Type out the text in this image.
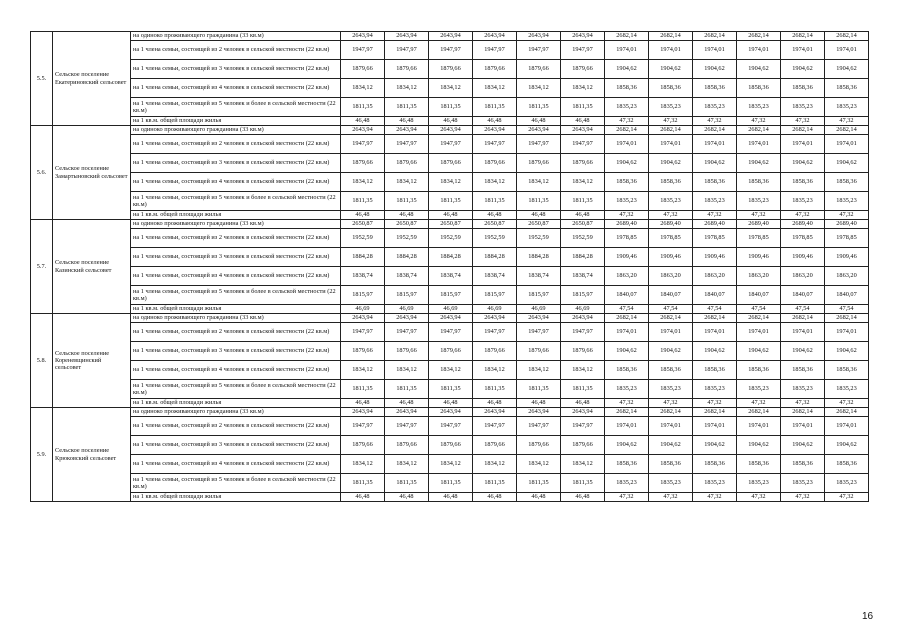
5.5.	Сельское поселение Екатериновский сельсовет	на одиноко проживающего гражданина (33 кв.м)	2643,94	2643,94	2643,94	2643,94	2643,94	2643,94	2682,14	2682,14	2682,14	2682,14	2682,14	2682,14
		на 1 члена семьи, состоящей из 2 человек в сельской местности (22 кв.м)	1947,97	1947,97	1947,97	1947,97	1947,97	1947,97	1974,01	1974,01	1974,01	1974,01	1974,01	1974,01
		на 1 члена семьи, состоящей из 3 человек в сельской местности (22 кв.м)	1879,66	1879,66	1879,66	1879,66	1879,66	1879,66	1904,62	1904,62	1904,62	1904,62	1904,62	1904,62
		на 1 члена семьи, состоящей из 4 человек в сельской местности (22 кв.м)	1834,12	1834,12	1834,12	1834,12	1834,12	1834,12	1858,36	1858,36	1858,36	1858,36	1858,36	1858,36
		на 1 члена семьи, состоящей из 5 человек и более в сельской местности (22 кв.м)	1811,35	1811,35	1811,35	1811,35	1811,35	1811,35	1835,23	1835,23	1835,23	1835,23	1835,23	1835,23
		на 1 кв.м. общей площади жилья	46,48	46,48	46,48	46,48	46,48	46,48	47,32	47,32	47,32	47,32	47,32	47,32
5.6.	Сельское поселение Замартыновский сельсовет	на одиноко проживающего гражданина (33 кв.м)	2643,94	2643,94	2643,94	2643,94	2643,94	2643,94	2682,14	2682,14	2682,14	2682,14	2682,14	2682,14
		на 1 члена семьи, состоящей из 2 человек в сельской местности (22 кв.м)	1947,97	1947,97	1947,97	1947,97	1947,97	1947,97	1974,01	1974,01	1974,01	1974,01	1974,01	1974,01
		на 1 члена семьи, состоящей из 3 человек в сельской местности (22 кв.м)	1879,66	1879,66	1879,66	1879,66	1879,66	1879,66	1904,62	1904,62	1904,62	1904,62	1904,62	1904,62
		на 1 члена семьи, состоящей из 4 человек в сельской местности (22 кв.м)	1834,12	1834,12	1834,12	1834,12	1834,12	1834,12	1858,36	1858,36	1858,36	1858,36	1858,36	1858,36
		на 1 члена семьи, состоящей из 5 человек и более в сельской местности (22 кв.м)	1811,35	1811,35	1811,35	1811,35	1811,35	1811,35	1835,23	1835,23	1835,23	1835,23	1835,23	1835,23
		на 1 кв.м. общей площади жилья	46,48	46,48	46,48	46,48	46,48	46,48	47,32	47,32	47,32	47,32	47,32	47,32
5.7.	Сельское поселение Казинский сельсовет	на одиноко проживающего гражданина (33 кв.м)	2650,87	2650,87	2650,87	2650,87	2650,87	2650,87	2689,40	2689,40	2689,40	2689,40	2689,40	2689,40
		на 1 члена семьи, состоящей из 2 человек в сельской местности (22 кв.м)	1952,59	1952,59	1952,59	1952,59	1952,59	1952,59	1978,85	1978,85	1978,85	1978,85	1978,85	1978,85
		на 1 члена семьи, состоящей из 3 человек в сельской местности (22 кв.м)	1884,28	1884,28	1884,28	1884,28	1884,28	1884,28	1909,46	1909,46	1909,46	1909,46	1909,46	1909,46
		на 1 члена семьи, состоящей из 4 человек в сельской местности (22 кв.м)	1838,74	1838,74	1838,74	1838,74	1838,74	1838,74	1863,20	1863,20	1863,20	1863,20	1863,20	1863,20
		на 1 члена семьи, состоящей из 5 человек и более в сельской местности (22 кв.м)	1815,97	1815,97	1815,97	1815,97	1815,97	1815,97	1840,07	1840,07	1840,07	1840,07	1840,07	1840,07
		на 1 кв.м. общей площади жилья	46,69	46,69	46,69	46,69	46,69	46,69	47,54	47,54	47,54	47,54	47,54	47,54
5.8.	Сельское поселение Кореневщинский сельсовет	на одиноко проживающего гражданина (33 кв.м)	2643,94	2643,94	2643,94	2643,94	2643,94	2643,94	2682,14	2682,14	2682,14	2682,14	2682,14	2682,14
		на 1 члена семьи, состоящей из 2 человек в сельской местности (22 кв.м)	1947,97	1947,97	1947,97	1947,97	1947,97	1947,97	1974,01	1974,01	1974,01	1974,01	1974,01	1974,01
		на 1 члена семьи, состоящей из 3 человек в сельской местности (22 кв.м)	1879,66	1879,66	1879,66	1879,66	1879,66	1879,66	1904,62	1904,62	1904,62	1904,62	1904,62	1904,62
		на 1 члена семьи, состоящей из 4 человек в сельской местности (22 кв.м)	1834,12	1834,12	1834,12	1834,12	1834,12	1834,12	1858,36	1858,36	1858,36	1858,36	1858,36	1858,36
		на 1 члена семьи, состоящей из 5 человек и более в сельской местности (22 кв.м)	1811,35	1811,35	1811,35	1811,35	1811,35	1811,35	1835,23	1835,23	1835,23	1835,23	1835,23	1835,23
		на 1 кв.м. общей площади жилья	46,48	46,48	46,48	46,48	46,48	46,48	47,32	47,32	47,32	47,32	47,32	47,32
5.9.	Сельское поселение Крюковский сельсовет	на одиноко проживающего гражданина (33 кв.м)	2643,94	2643,94	2643,94	2643,94	2643,94	2643,94	2682,14	2682,14	2682,14	2682,14	2682,14	2682,14
		на 1 члена семьи, состоящей из 2 человек в сельской местности (22 кв.м)	1947,97	1947,97	1947,97	1947,97	1947,97	1947,97	1974,01	1974,01	1974,01	1974,01	1974,01	1974,01
		на 1 члена семьи, состоящей из 3 человек в сельской местности (22 кв.м)	1879,66	1879,66	1879,66	1879,66	1879,66	1879,66	1904,62	1904,62	1904,62	1904,62	1904,62	1904,62
		на 1 члена семьи, состоящей из 4 человек в сельской местности (22 кв.м)	1834,12	1834,12	1834,12	1834,12	1834,12	1834,12	1858,36	1858,36	1858,36	1858,36	1858,36	1858,36
		на 1 члена семьи, состоящей из 5 человек и более в сельской местности (22 кв.м)	1811,35	1811,35	1811,35	1811,35	1811,35	1811,35	1835,23	1835,23	1835,23	1835,23	1835,23	1835,23
		на 1 кв.м. общей площади жилья	46,48	46,48	46,48	46,48	46,48	46,48	47,32	47,32	47,32	47,32	47,32	47,32
16
